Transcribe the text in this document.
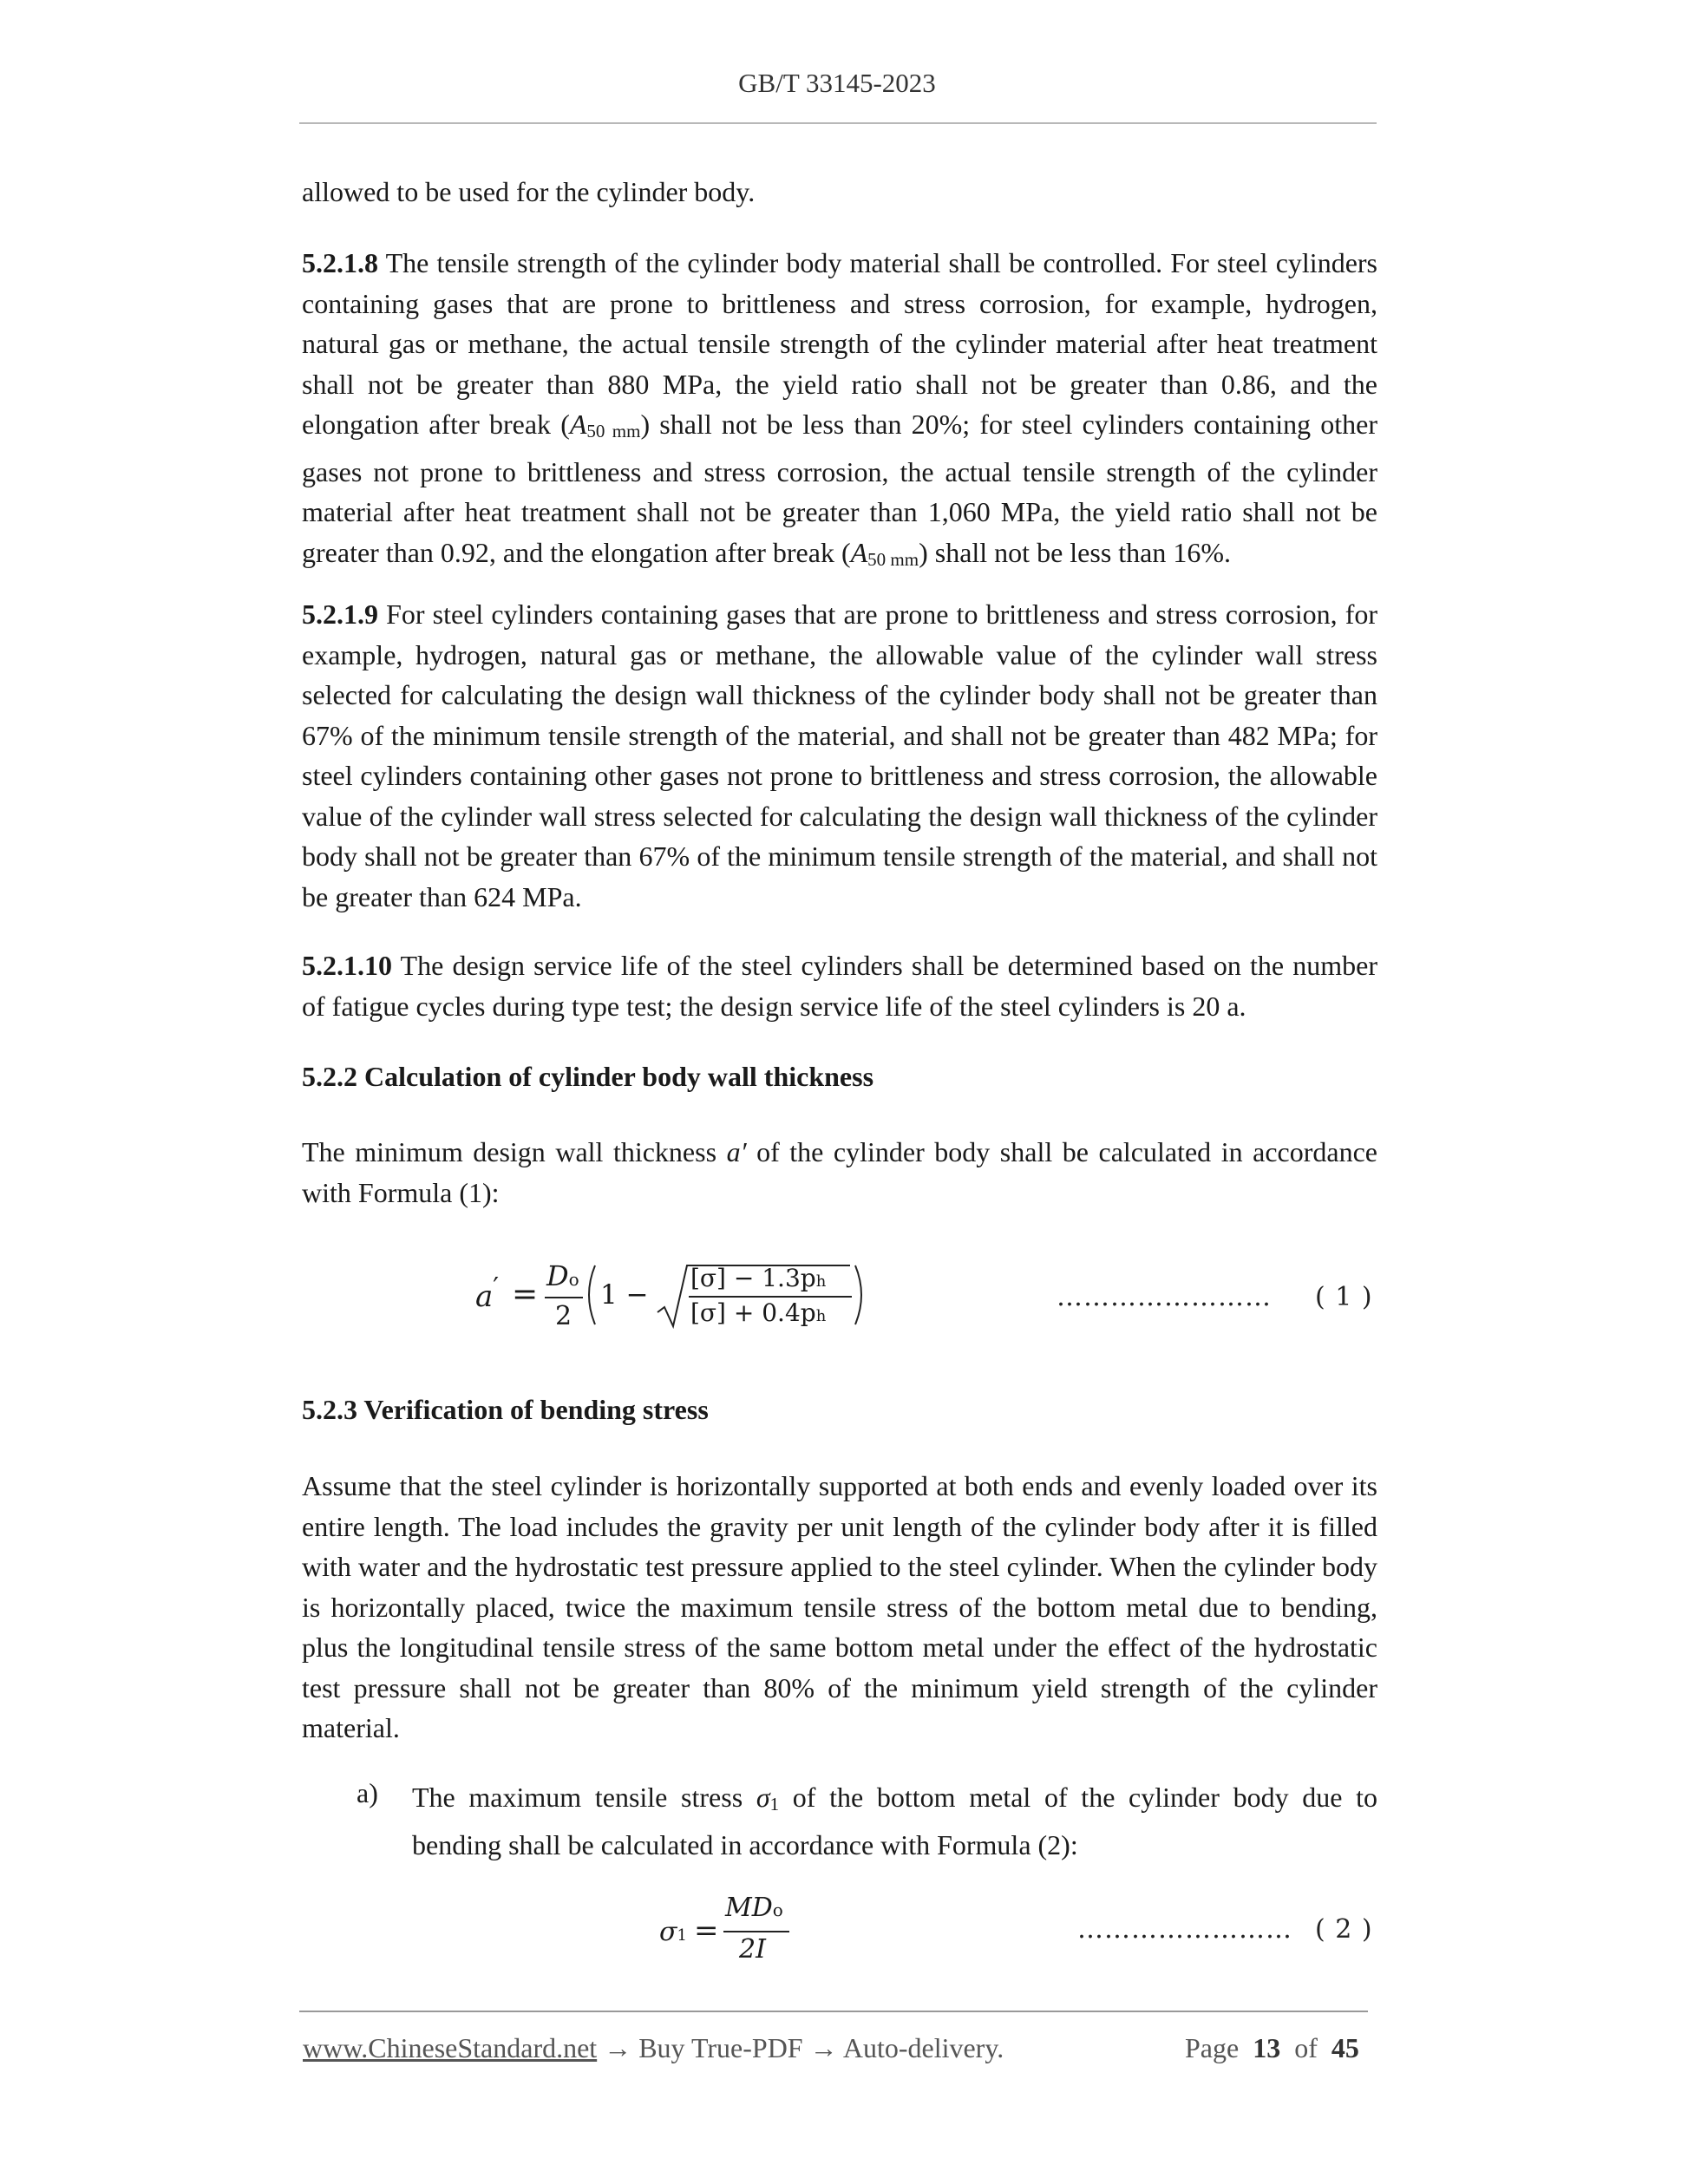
GB/T 33145-2023

allowed to be used for the cylinder body.

5.2.1.8 The tensile strength of the cylinder body material shall be controlled. For steel cylinders containing gases that are prone to brittleness and stress corrosion, for example, hydrogen, natural gas or methane, the actual tensile strength of the cylinder material after heat treatment shall not be greater than 880 MPa, the yield ratio shall not be greater than 0.86, and the elongation after break $(A_{50 mm})$ shall not be less than 20%; for steel cylinders containing other gases not prone to brittleness and stress corrosion, the actual tensile strength of the cylinder material after heat treatment shall not be greater than 1,060 MPa, the yield ratio shall not be greater than 0.92, and the elongation after break $(A_{50 mm})$ shall not be less than 16%.

5.2.1.9 For steel cylinders containing gases that are prone to brittleness and stress corrosion, for example, hydrogen, natural gas or methane, the allowable value of the cylinder wall stress selected for calculating the design wall thickness of the cylinder body shall not be greater than 67% of the minimum tensile strength of the material, and shall not be greater than 482 MPa; for steel cylinders containing other gases not prone to brittleness and stress corrosion, the allowable value of the cylinder wall stress selected for calculating the design wall thickness of the cylinder body shall not be greater than 67% of the minimum tensile strength of the material, and shall not be greater than 624 MPa.

5.2.1.10 The design service life of the steel cylinders shall be determined based on the number of fatigue cycles during type test; the design service life of the steel cylinders is 20 a.

5.2.2 Calculation of cylinder body wall thickness

The minimum design wall thickness a′ of the cylinder body shall be calculated in accordance with Formula (1):

5.2.3 Verification of bending stress

Assume that the steel cylinder is horizontally supported at both ends and evenly loaded over its entire length. The load includes the gravity per unit length of the cylinder body after it is filled with water and the hydrostatic test pressure applied to the steel cylinder. When the cylinder body is horizontally placed, twice the maximum tensile stress of the bottom metal due to bending, plus the longitudinal tensile stress of the same bottom metal under the effect of the hydrostatic test pressure shall not be greater than 80% of the minimum yield strength of the cylinder material.

a) The maximum tensile stress $\sigma_1$ of the bottom metal of the cylinder body due to bending shall be calculated in accordance with Formula (2):

a′ =
Do
2
1 −
[σ] − 1.3ph
[σ] + 0.4ph
…………………… ( 1 )
σ1 =
MDo
2I
…………………… ( 2 )
www.ChineseStandard.net → Buy True-PDF → Auto-delivery.	Page 13 of 45
